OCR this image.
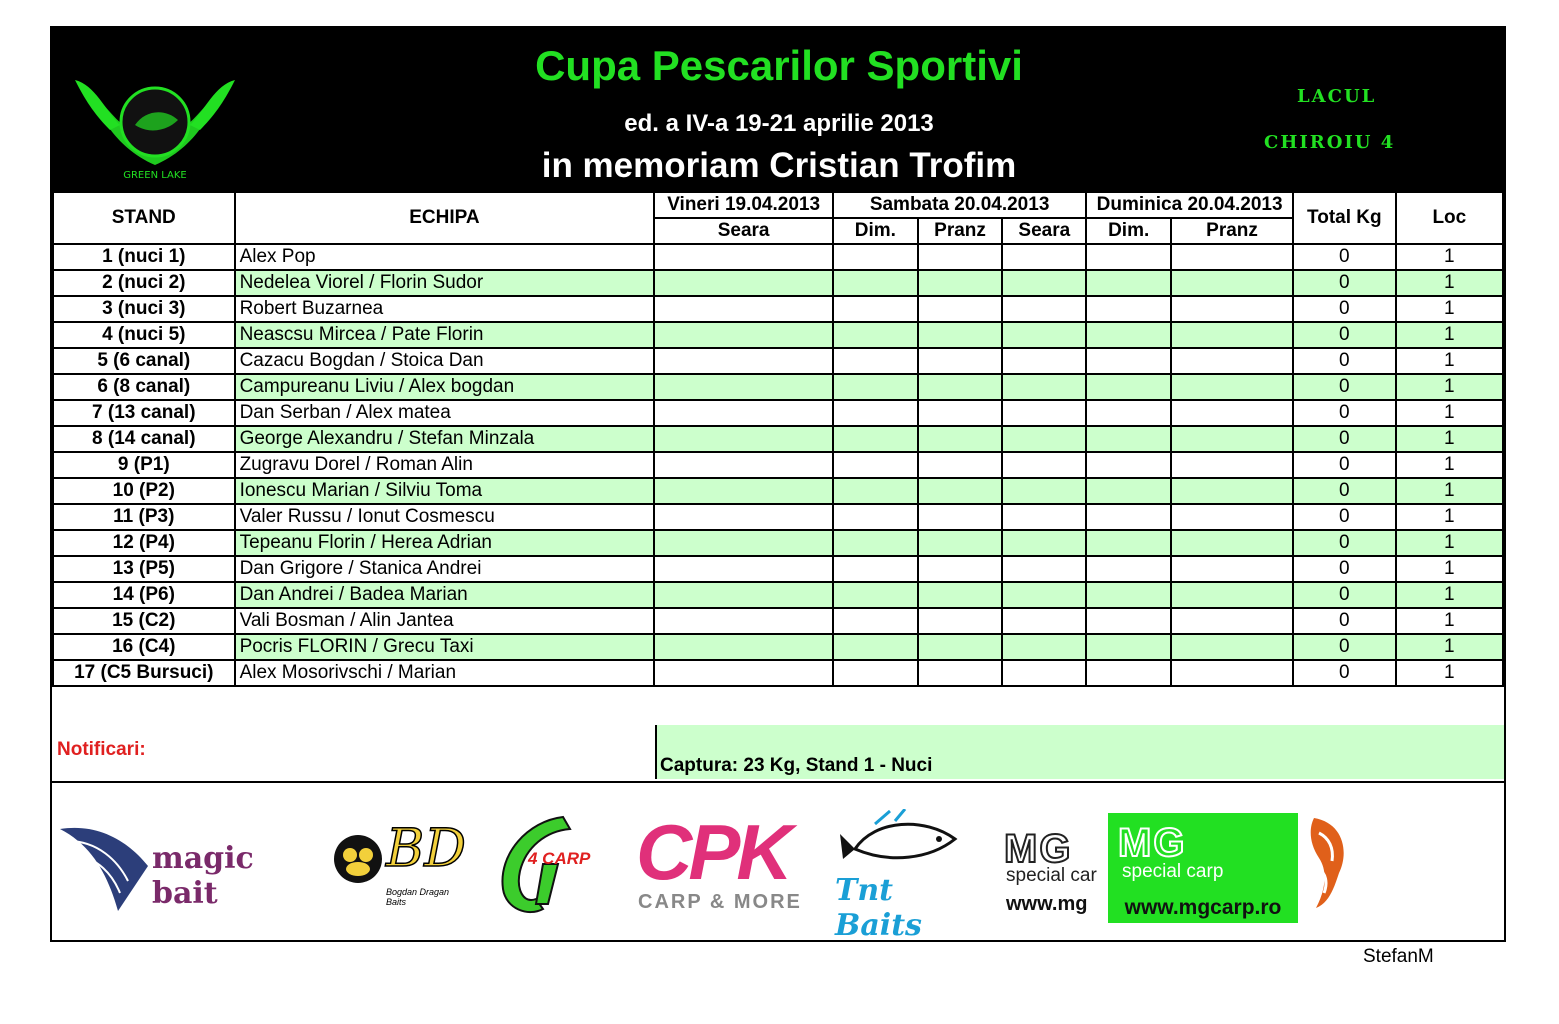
CLUBUL
GREEN LAKE
Cupa Pescarilor Sportivi
ed. a IV-a 19-21 aprilie 2013
in memoriam Cristian Trofim
LACUL
CHIROIU 4
STAND	ECHIPA	Vineri 19.04.2013	Sambata 20.04.2013			Duminica 20.04.2013		Total Kg	Loc
		Seara	Dim.	Pranz	Seara	Dim.	Pranz		
1 (nuci 1)	Alex Pop							0	1
2 (nuci 2)	Nedelea Viorel / Florin Sudor							0	1
3 (nuci 3)	Robert Buzarnea							0	1
4 (nuci 5)	Neascsu Mircea / Pate Florin							0	1
5 (6 canal)	Cazacu Bogdan / Stoica Dan							0	1
6 (8 canal)	Campureanu Liviu / Alex bogdan							0	1
7 (13 canal)	Dan Serban / Alex matea							0	1
8 (14 canal)	George Alexandru / Stefan Minzala							0	1
9 (P1)	Zugravu Dorel / Roman Alin							0	1
10 (P2)	Ionescu Marian / Silviu Toma							0	1
11 (P3)	Valer Russu / Ionut Cosmescu							0	1
12 (P4)	Tepeanu Florin / Herea Adrian							0	1
13 (P5)	Dan Grigore / Stanica Andrei							0	1
14 (P6)	Dan Andrei / Badea Marian							0	1
15 (C2)	Vali Bosman / Alin Jantea							0	1
16 (C4)	Pocris FLORIN / Grecu Taxi							0	1
17 (C5 Bursuci)	Alex Mosorivschi / Marian							0	1
Notificari:
Captura: 23 Kg, Stand 1 - Nuci
magic bait
BD
Bogdan Dragan Baits
4 CARP CPK
CARP & MORE Tnt Baits
MG
special car
www.mg
MG
special carp
www.mgcarp.ro
StefanM
